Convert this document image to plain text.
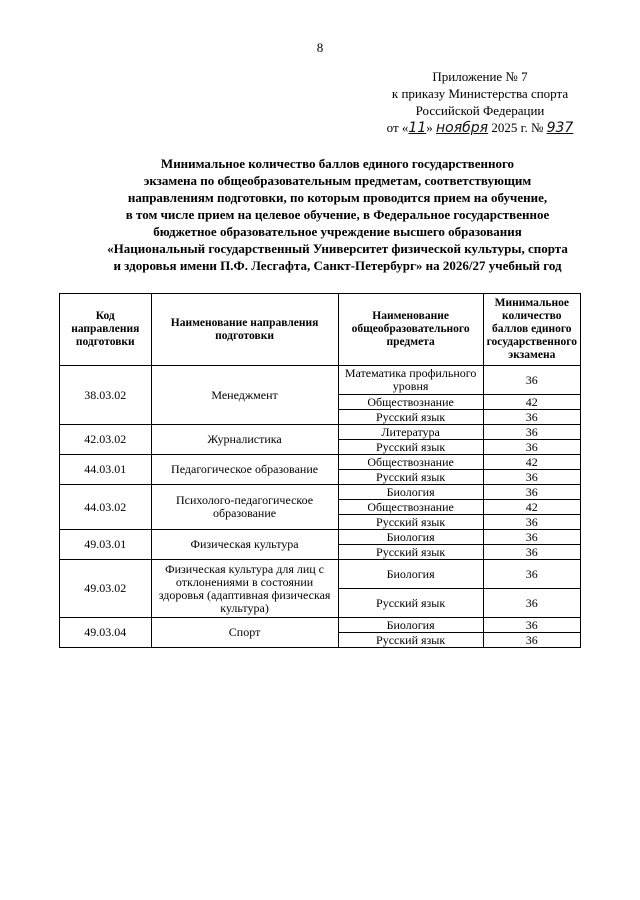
8
Приложение № 7
к приказу Министерства спорта
Российской Федерации
от «11» ноября 2025 г. № 937
Минимальное количество баллов единого государственного
экзамена по общеобразовательным предметам, соответствующим
направлениям подготовки, по которым проводится прием на обучение,
в том числе прием на целевое обучение, в Федеральное государственное
бюджетное образовательное учреждение высшего образования
«Национальный государственный Университет физической культуры, спорта
и здоровья имени П.Ф. Лесгафта, Санкт-Петербург» на 2026/27 учебный год
Код направления подготовки	Наименование направления подготовки	Наименование общеобразовательного предмета	Минимальное количество баллов единого государственного экзамена
38.03.02	Менеджмент	Математика профильного уровня	36
		Обществознание	42
		Русский язык	36
42.03.02	Журналистика	Литература	36
		Русский язык	36
44.03.01	Педагогическое образование	Обществознание	42
		Русский язык	36
44.03.02	Психолого-педагогическое образование	Биология	36
		Обществознание	42
		Русский язык	36
49.03.01	Физическая культура	Биология	36
		Русский язык	36
49.03.02	Физическая культура для лиц с отклонениями в состоянии здоровья (адаптивная физическая культура)	Биология	36
		Русский язык	36
49.03.04	Спорт	Биология	36
		Русский язык	36
